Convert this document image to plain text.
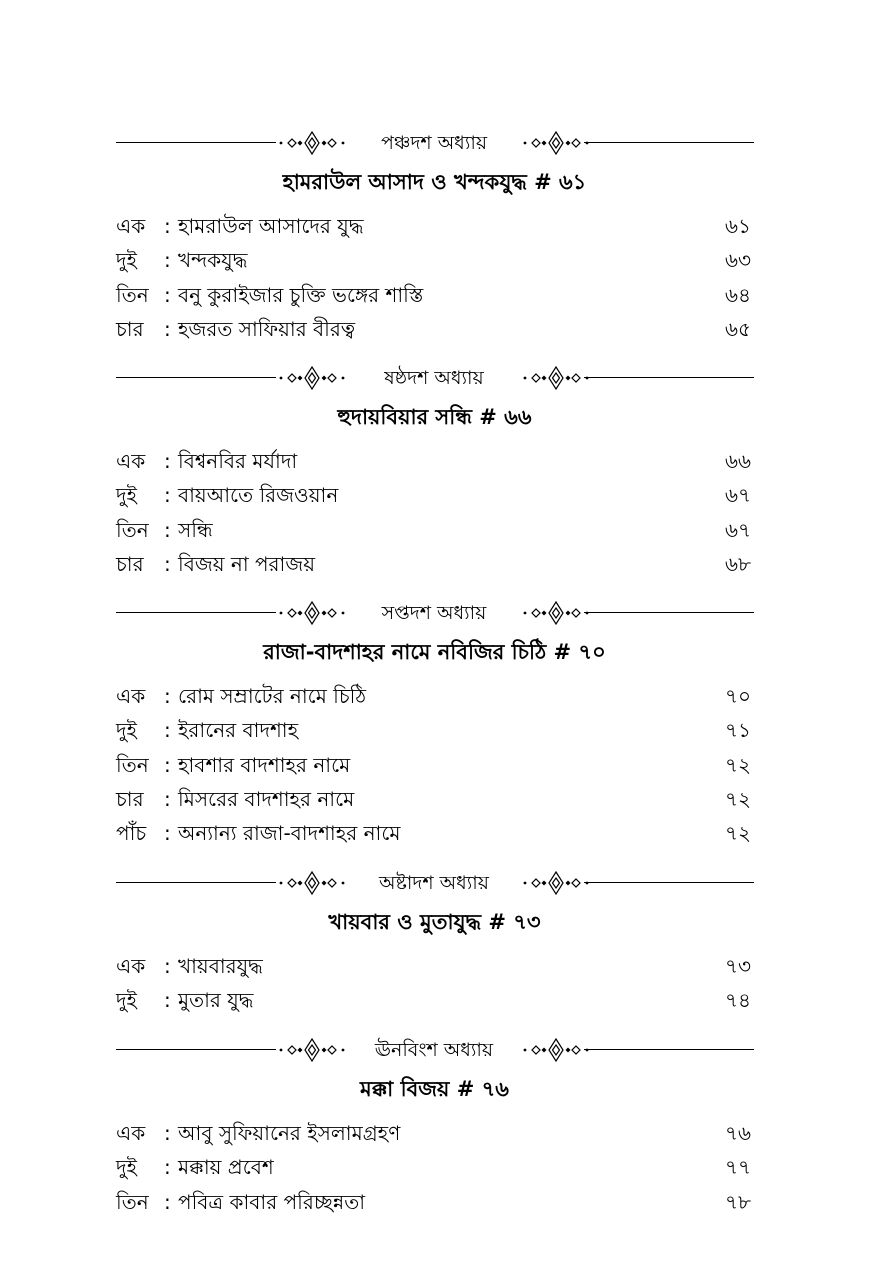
পঞ্চদশ অধ্যায়
হামরাউল আসাদ ও খন্দকযুদ্ধ # ৬১
এক : হামরাউল আসাদের যুদ্ধ	৬১
দুই	: খন্দকযুদ্ধ	৬৩
তিন : বনু কুরাইজার চুক্তি ভঙ্গের শাস্তি	৬৪
চার	: হজরত সাফিয়ার বীরত্ব	৬৫
ষষ্ঠদশ অধ্যায়
হুদায়বিয়ার সন্ধি # ৬৬
এক : বিশ্বনবির মর্যাদা	৬৬
দুই	: বায়আতে রিজওয়ান	৬৭
তিন : সন্ধি	৬৭
চার	: বিজয় না পরাজয়	৬৮
সপ্তদশ অধ্যায়
রাজা-বাদশাহর নামে নবিজির চিঠি # ৭০
এক : রোম সম্রাটের নামে চিঠি	৭০
দুই	: ইরানের বাদশাহ	৭১
তিন : হাবশার বাদশাহর নামে	৭২
চার	: মিসরের বাদশাহর নামে	৭২
পাঁচ : অন্যান্য রাজা-বাদশাহর নামে	৭২
অষ্টাদশ অধ্যায়
খায়বার ও মুতাযুদ্ধ # ৭৩
এক : খায়বারযুদ্ধ	৭৩
দুই	: মুতার যুদ্ধ	৭৪
ঊনবিংশ অধ্যায়
মক্কা বিজয় # ৭৬
এক : আবু সুফিয়ানের ইসলামগ্রহণ	৭৬
দুই	: মক্কায় প্রবেশ	৭৭
তিন : পবিত্র কাবার পরিচ্ছন্নতা	৭৮
